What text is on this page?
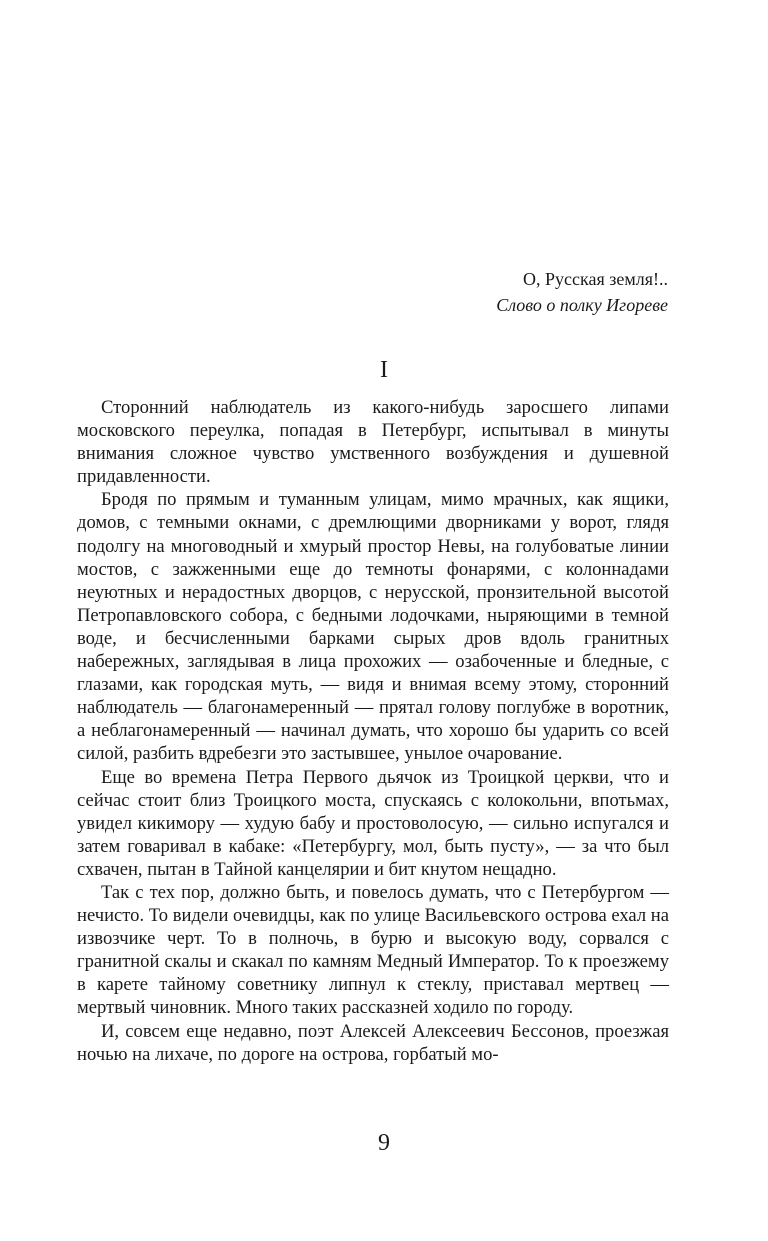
О, Русская земля!..
Слово о полку Игореве
I

Сторонний наблюдатель из какого-нибудь заросшего липами московского переулка, попадая в Петербург, испытывал в минуты внимания сложное чувство умственного возбуждения и душевной придавленности.

Бродя по прямым и туманным улицам, мимо мрачных, как ящики, домов, с темными окнами, с дремлющими дворниками у ворот, глядя подолгу на многоводный и хмурый простор Невы, на голубоватые линии мостов, с зажженными еще до темноты фонарями, с колоннадами неуютных и нерадостных дворцов, с нерусской, пронзительной высотой Петропавловского собора, с бедными лодочками, ныряющими в темной воде, и бесчисленными барками сырых дров вдоль гранитных набережных, заглядывая в лица прохожих — озабоченные и бледные, с глазами, как городская муть, — видя и внимая всему этому, сторонний наблюдатель — благонамеренный — прятал голову поглубже в воротник, а неблагонамеренный — начинал думать, что хорошо бы ударить со всей силой, разбить вдребезги это застывшее, унылое очарование.

Еще во времена Петра Первого дьячок из Троицкой церкви, что и сейчас стоит близ Троицкого моста, спускаясь с колокольни, впотьмах, увидел кикимору — худую бабу и простоволосую, — сильно испугался и затем говаривал в кабаке: «Петербургу, мол, быть пусту», — за что был схвачен, пытан в Тайной канцелярии и бит кнутом нещадно.

Так с тех пор, должно быть, и повелось думать, что с Петербургом — нечисто. То видели очевидцы, как по улице Васильевского острова ехал на извозчике черт. То в полночь, в бурю и высокую воду, сорвался с гранитной скалы и скакал по камням Медный Император. То к проезжему в карете тайному советнику липнул к стеклу, приставал мертвец — мертвый чиновник. Много таких рассказней ходило по городу.

И, совсем еще недавно, поэт Алексей Алексеевич Бессонов, проезжая ночью на лихаче, по дороге на острова, горбатый мо-

9
